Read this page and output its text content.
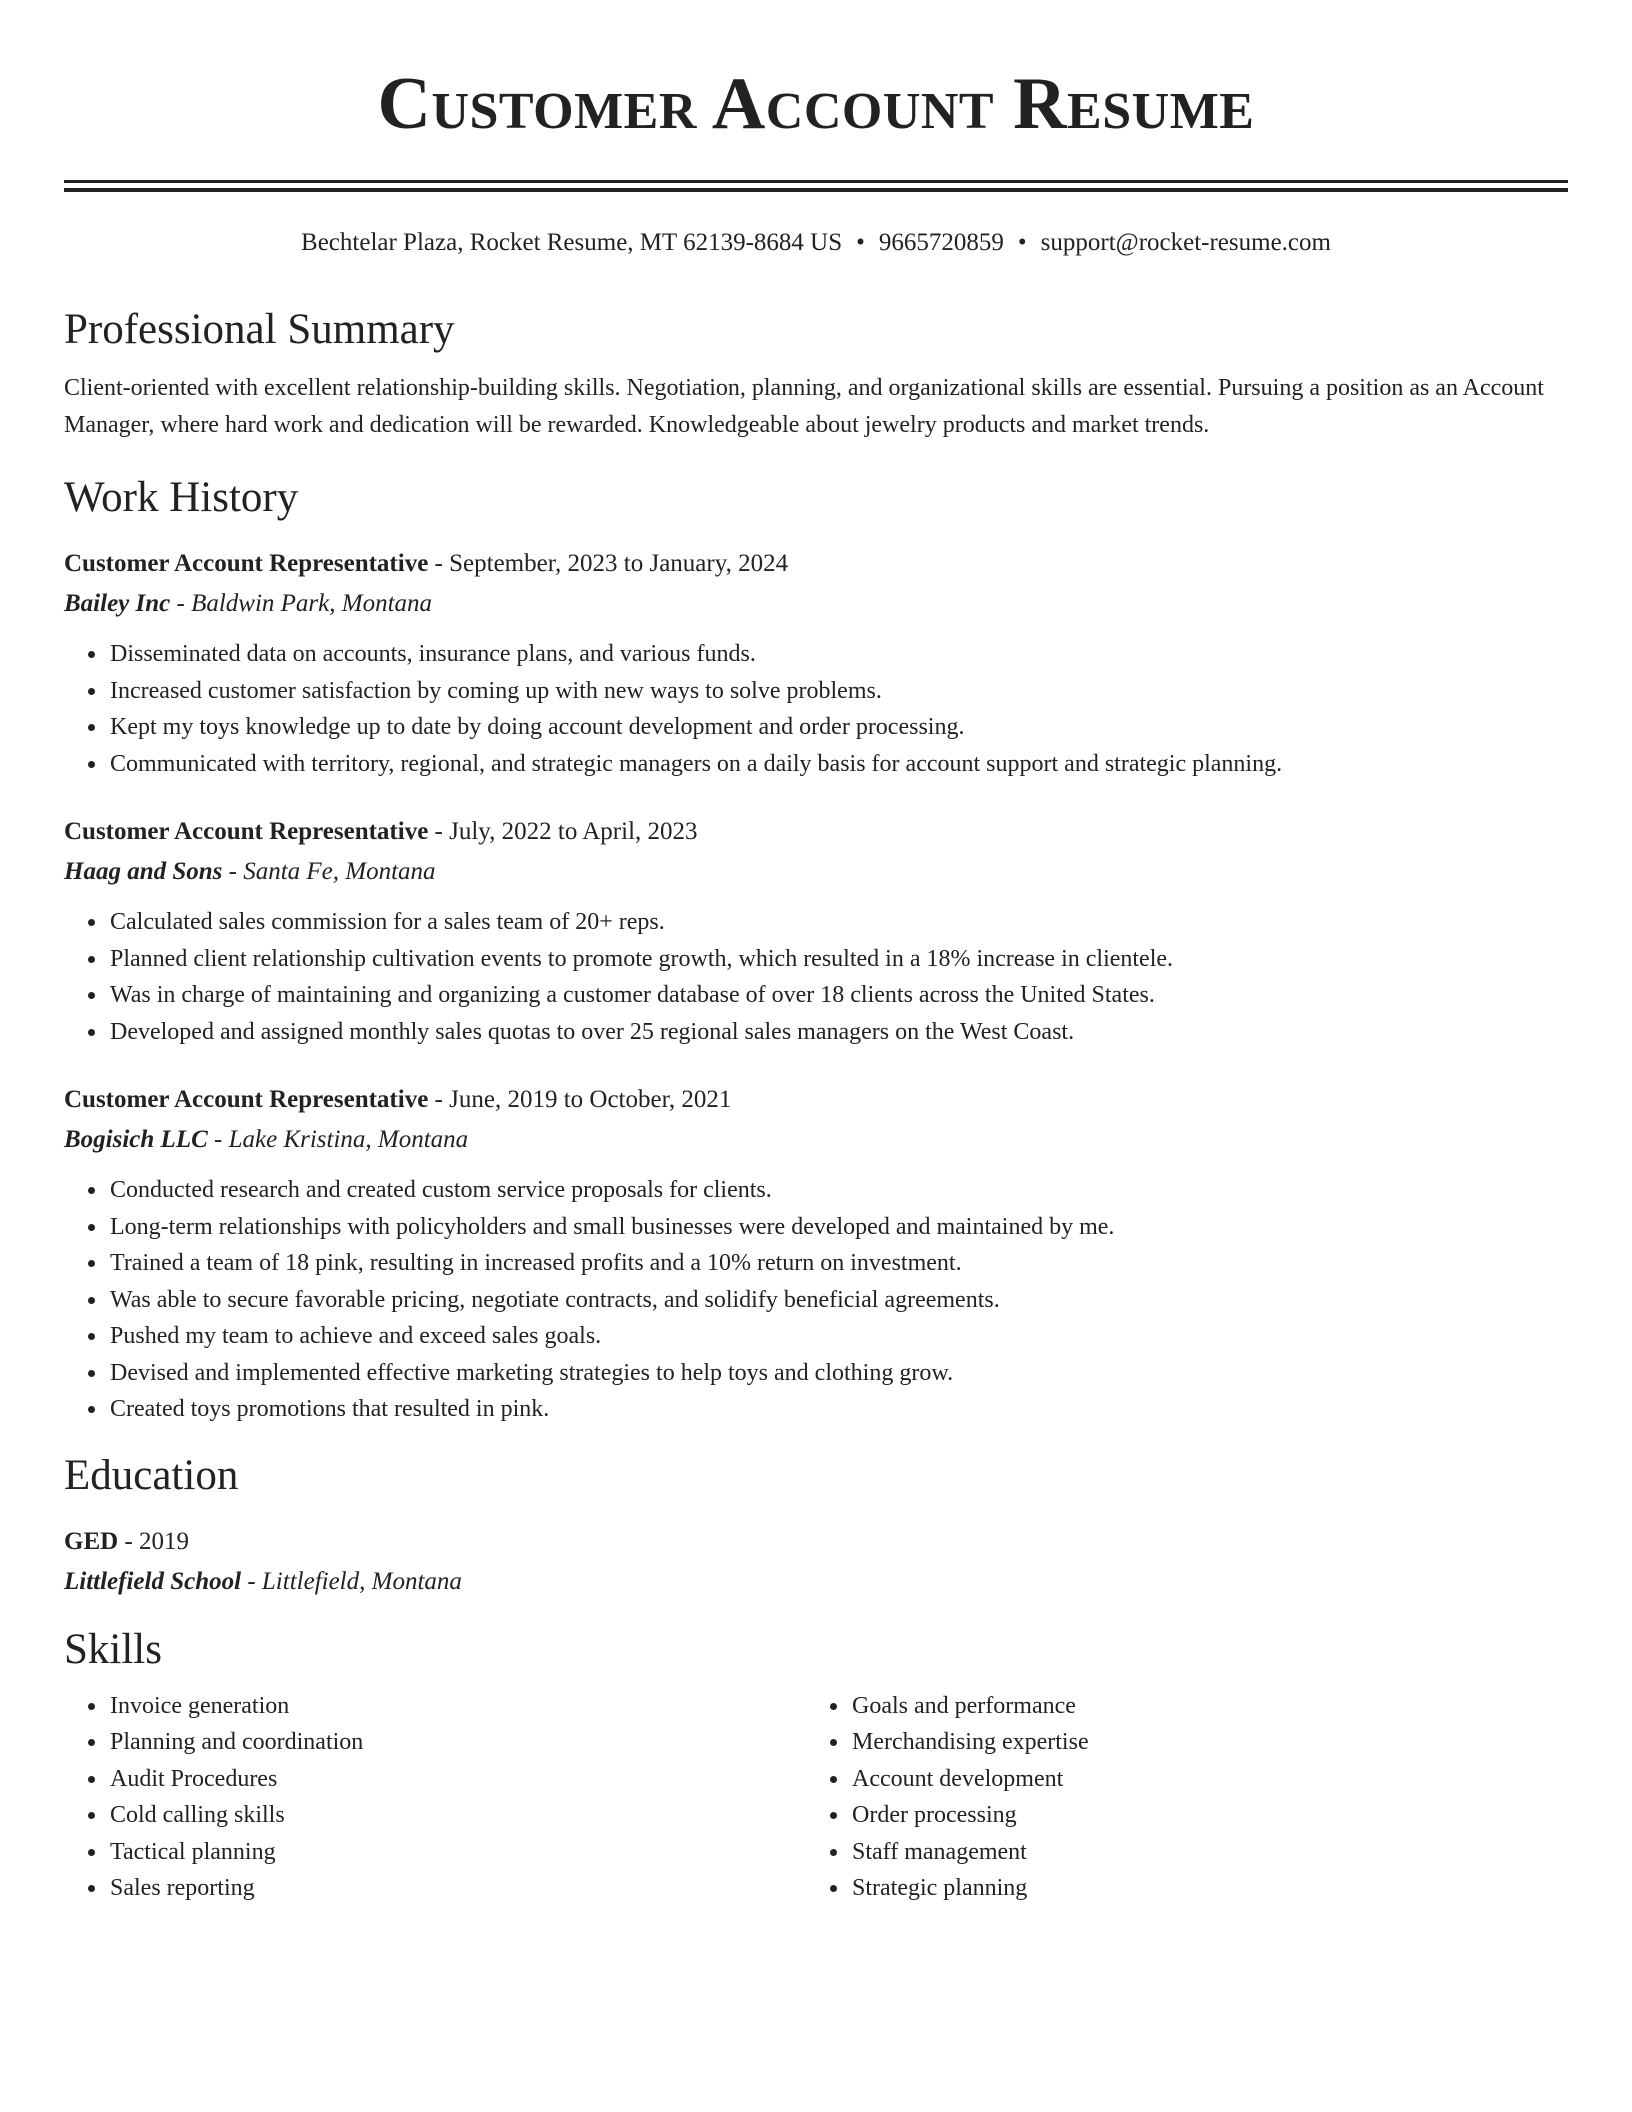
Customer Account Resume
Bechtelar Plaza, Rocket Resume, MT 62139-8684 US • 9665720859 • support@rocket-resume.com
Professional Summary

Client-oriented with excellent relationship-building skills. Negotiation, planning, and organizational skills are essential. Pursuing a position as an Account Manager, where hard work and dedication will be rewarded. Knowledgeable about jewelry products and market trends.

Work History
Customer Account Representative - September, 2023 to January, 2024
Bailey Inc - Baldwin Park, Montana
• Disseminated data on accounts, insurance plans, and various funds.
• Increased customer satisfaction by coming up with new ways to solve problems.
• Kept my toys knowledge up to date by doing account development and order processing.
• Communicated with territory, regional, and strategic managers on a daily basis for account support and strategic planning.
Customer Account Representative - July, 2022 to April, 2023
Haag and Sons - Santa Fe, Montana
• Calculated sales commission for a sales team of 20+ reps.
• Planned client relationship cultivation events to promote growth, which resulted in a 18% increase in clientele.
• Was in charge of maintaining and organizing a customer database of over 18 clients across the United States.
• Developed and assigned monthly sales quotas to over 25 regional sales managers on the West Coast.
Customer Account Representative - June, 2019 to October, 2021
Bogisich LLC - Lake Kristina, Montana
• Conducted research and created custom service proposals for clients.
• Long-term relationships with policyholders and small businesses were developed and maintained by me.
• Trained a team of 18 pink, resulting in increased profits and a 10% return on investment.
• Was able to secure favorable pricing, negotiate contracts, and solidify beneficial agreements.
• Pushed my team to achieve and exceed sales goals.
• Devised and implemented effective marketing strategies to help toys and clothing grow.
• Created toys promotions that resulted in pink.
Education
GED - 2019
Littlefield School - Littlefield, Montana
Skills
• Invoice generation
• Planning and coordination
• Audit Procedures
• Cold calling skills
• Tactical planning
• Sales reporting
• Goals and performance
• Merchandising expertise
• Account development
• Order processing
• Staff management
• Strategic planning
